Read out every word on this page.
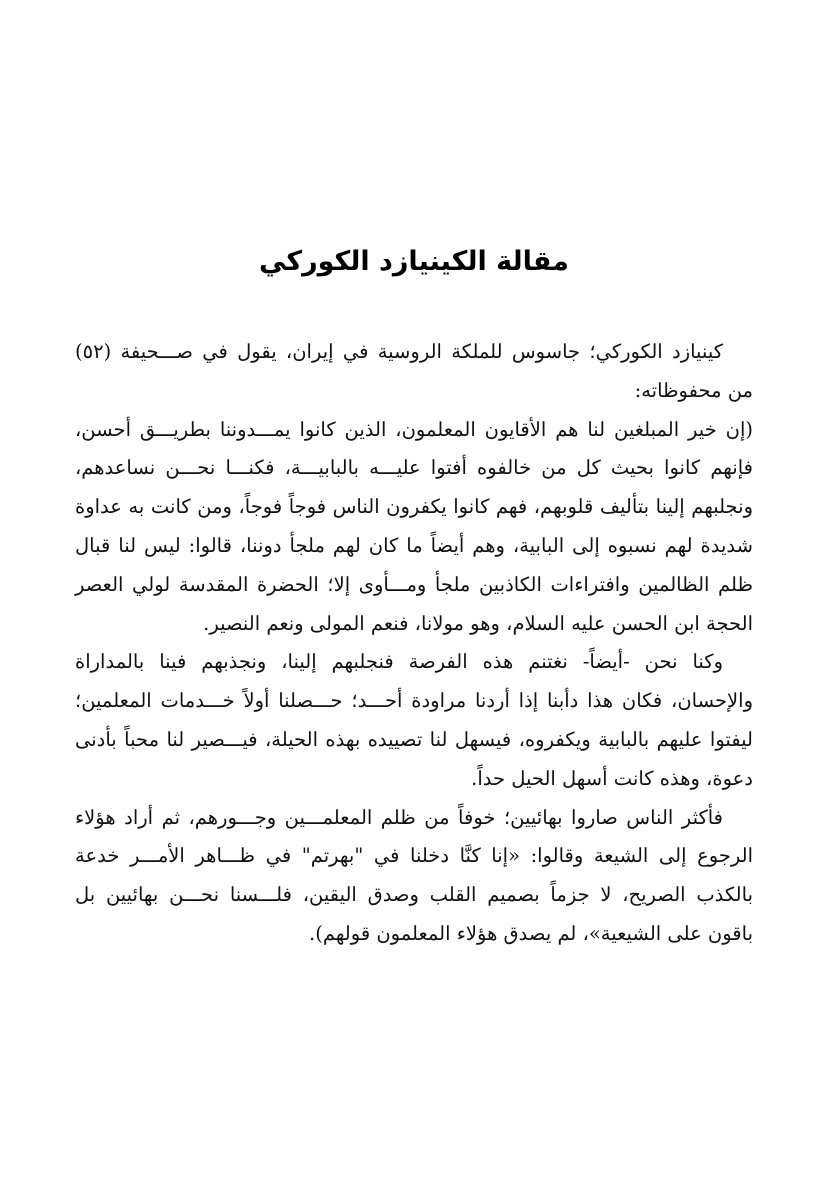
مقالة الكينيازد الكوركي

كينيازد الكوركي؛ جاسوس للملكة الروسية في إيران، يقول في صـــحيفة (٥٢) من محفوظاته:

(إن خير المبلغين لنا هم الأقايون المعلمون، الذين كانوا يمـــدوننا بطريـــق أحسن، فإنهم كانوا بحيث كل من خالفوه أفتوا عليـــه بالبابيـــة، فكنـــا نحـــن نساعدهم، ونجلبهم إلينا بتأليف قلوبهم، فهم كانوا يكفرون الناس فوجاً فوجاً، ومن كانت به عداوة شديدة لهم نسبوه إلى البابية، وهم أيضاً ما كان لهم ملجأ دوننا، قالوا: ليس لنا قبال ظلم الظالمين وافتراءات الكاذبين ملجأ ومـــأوى إلا؛ الحضرة المقدسة لولي العصر الحجة ابن الحسن عليه السلام، وهو مولانا، فنعم المولى ونعم النصير.

وكنا نحن -أيضاً- نغتنم هذه الفرصة فنجلبهم إلينا، ونجذبهم فينا بالمداراة والإحسان، فكان هذا دأبنا إذا أردنا مراودة أحـــد؛ حـــصلنا أولاً خـــدمات المعلمين؛ ليفتوا عليهم بالبابية ويكفروه، فيسهل لنا تصييده بهذه الحيلة، فيـــصير لنا محباً بأدنى دعوة، وهذه كانت أسهل الحيل حداً.

فأكثر الناس صاروا بهائيين؛ خوفاً من ظلم المعلمـــين وجـــورهم، ثم أراد هؤلاء الرجوع إلى الشيعة وقالوا: «إنا كنَّا دخلنا في "بهرتم" في ظـــاهر الأمـــر خدعة بالكذب الصريح، لا جزماً بصميم القلب وصدق اليقين، فلـــسنا نحـــن بهائيين بل باقون على الشيعية»، لم يصدق هؤلاء المعلمون قولهم).
